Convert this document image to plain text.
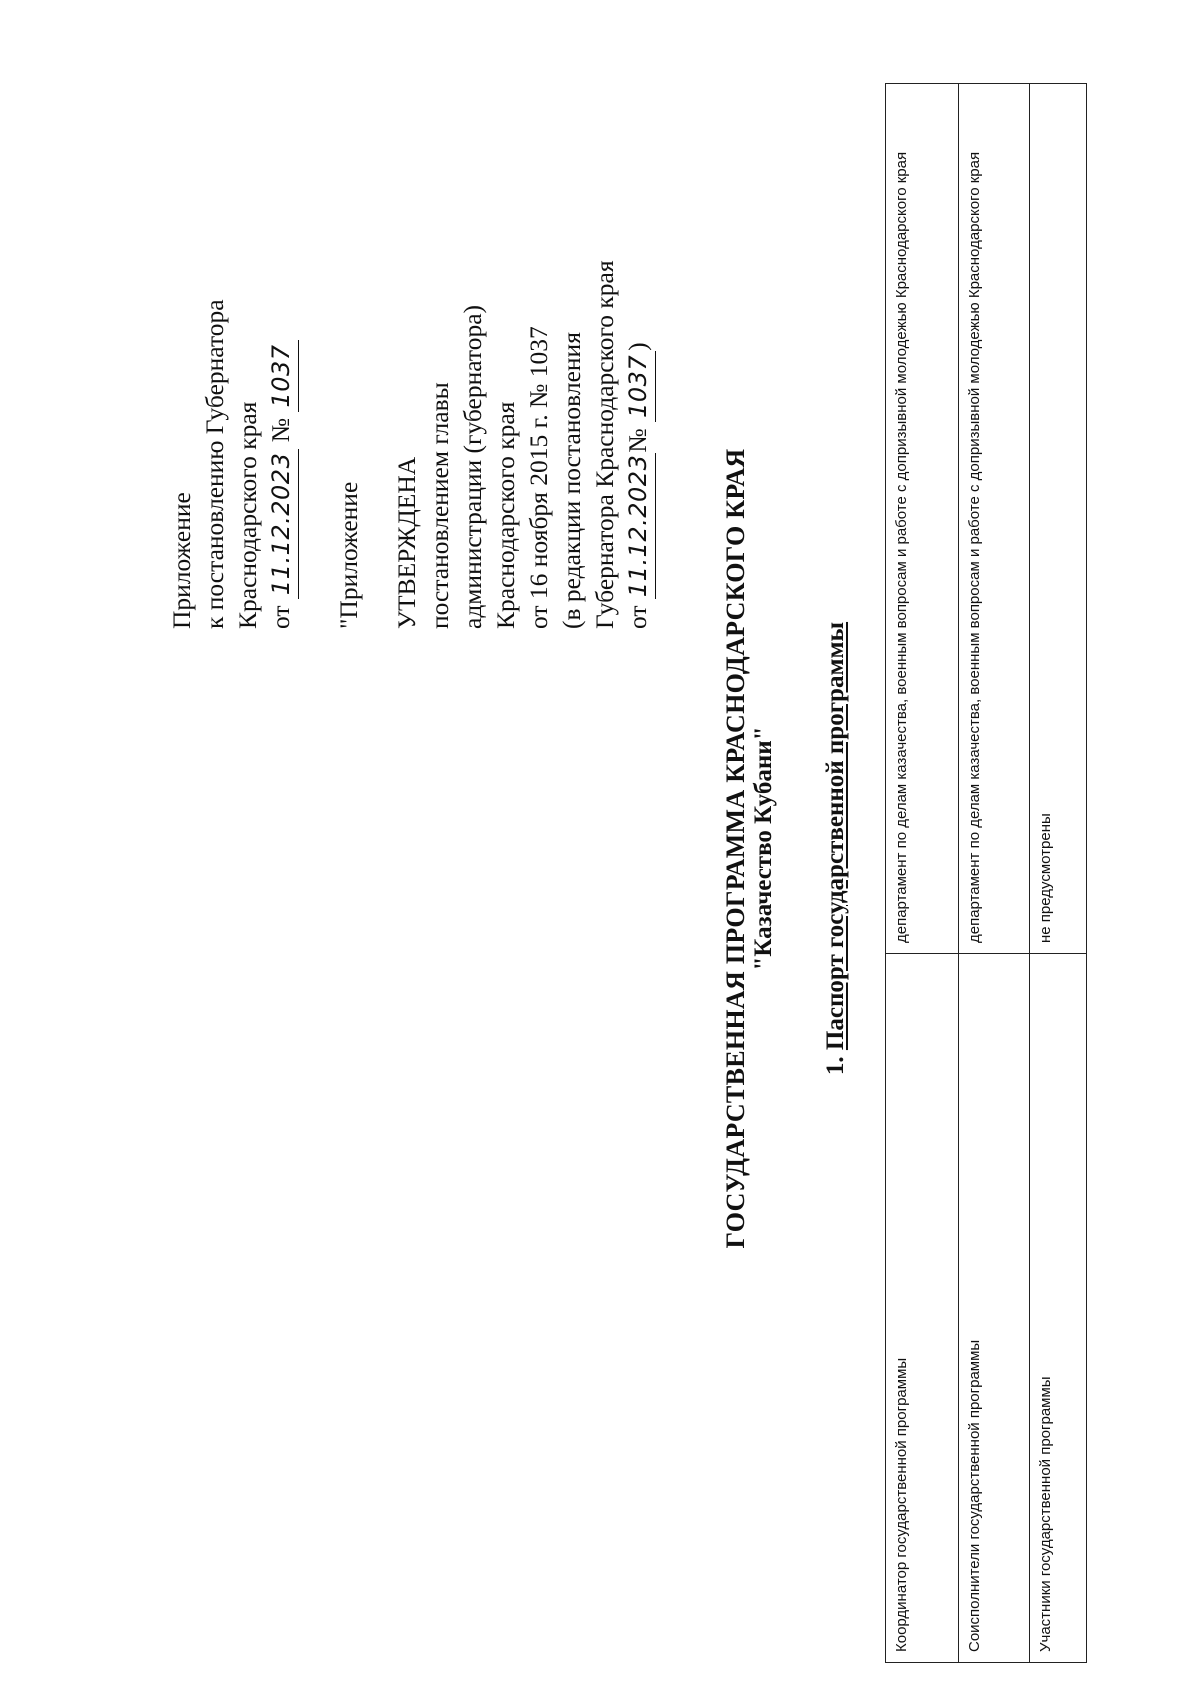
Приложение к постановлению Губернатора Краснодарского края от 11.12.2023 № 1037
"Приложение УТВЕРЖДЕНА постановлением главы администрации (губернатора) Краснодарского края от 16 ноября 2015 г. № 1037 (в редакции постановления Губернатора Краснодарского края от 11.12.2023№ 1037)
ГОСУДАРСТВЕННАЯ ПРОГРАММА КРАСНОДАРСКОГО КРАЯ "Казачество Кубани"
1. Паспорт государственной программы
Координатор государственной программы	департамент по делам казачества, военным вопросам и работе с допризывной молодежью Краснодарского края
Соисполнители государственной программы	департамент по делам казачества, военным вопросам и работе с допризывной молодежью Краснодарского края
Участники государственной программы	не предусмотрены
